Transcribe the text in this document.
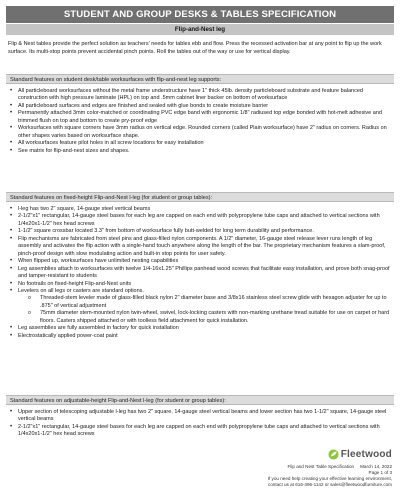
STUDENT AND GROUP DESKS & TABLES SPECIFICATION
Flip-and-Nest leg

Flip & Nest tables provide the perfect solution as teachers' needs for tables ebb and flow. Press the recessed activation bar at any point to flip up the work surface. Its multi-stop points prevent accidental pinch points. Roll the tables out of the way or use for vertical display.

Standard features on student desk/table worksurfaces with flip-and-nest leg supports:
• All particleboard worksurfaces without the metal frame understructure have 1" thick 45lb. density particleboard substrate and feature balanced construction with high pressure laminate (HPL) on top and .5mm cabinet liner backer on bottom of worksurface
• All particleboard surfaces and edges are finished and sealed with glue bonds to create moisture barrier
• Permanently attached 3mm color-matched or coordinating PVC edge band with ergonomic 1/8" radiused top edge bonded with hot-melt adhesive and trimmed flush on top and bottom to create pry-proof edge
• Worksurfaces with square corners have 3mm radius on vertical edge. Rounded corners (called Plain worksurface) have 2" radius on corners. Radius on other shapes varies based on worksurface shape.
• All worksurfaces feature pilot holes in all screw locations for easy installation
• See matrix for flip-and-nest sizes and shapes.
Standard features on fixed-height Flip-and-Nest l-leg (for student or group tables):
• l-leg has two 2" square, 14-gauge steel vertical beams
• 2-1/2"x1" rectangular, 14-gauge steel bases for each leg are capped on each end with polypropylene tube caps and attached to vertical sections with 1/4x20x1-1/2" hex head screws
• 1-1/2" square crossbar located 3.3" from bottom of worksurface fully butt-welded for long term durability and performance.
• Flip mechanisms are fabricated from steel pins and glass-filled nylon components. A 1/2" diameter, 16-gauge steel release lever runs length of leg assembly and activates the flip action with a single-hand touch anywhere along the length of the bar. The proprietary mechanism features a slam-proof, pinch-proof design with slow modulating action and built-in stop points for user safety.
• When flipped up, worksurfaces have unlimited nesting capabilities
• Leg assemblies attach to worksurfaces with twelve 1/4-16x1.25" Phillips panhead wood screws that facilitate easy installation, and prove both snag-proof and tamper-resistant to students
• No footrails on fixed-height Flip-and-Nest units
• Levelers on all legs or casters are standard options.
o Threaded-stem leveler made of glass-filled black nylon 2" diameter base and 3/8x16 stainless steel screw glide with hexagon adjuster for up to .875" of vertical adjustment
o 75mm diameter stem-mounted nylon twin-wheel, swivel, lock-locking casters with non-marking urethane tread suitable for use on carpet or hard floors. Casters shipped attached or with toolless field attachment for quick installation.
• Leg assemblies are fully assembled in factory for quick installation
• Electrostatically applied power-coat paint
Standard features on adjustable-height Flip-and-Nest l-leg (for student or group tables):
• Upper section of telescoping adjustable l-leg has two 2" square, 14-gauge steel vertical beams and lower section has two 1-1/2" square, 14-gauge steel vertical beams
• 2-1/2"x1" rectangular, 14-gauge steel bases for each leg are capped on each end with polypropylene tube caps and attached to vertical sections with 1/4x20x1-1/2" hex head screws
Fleetwood
Flip and Nest Table Specification March 14, 2022
Page 1 of 3
If you need help creating your effective learning environment,
contact us at 616-396-1142 or sales@fleetwoodfurniture.com
